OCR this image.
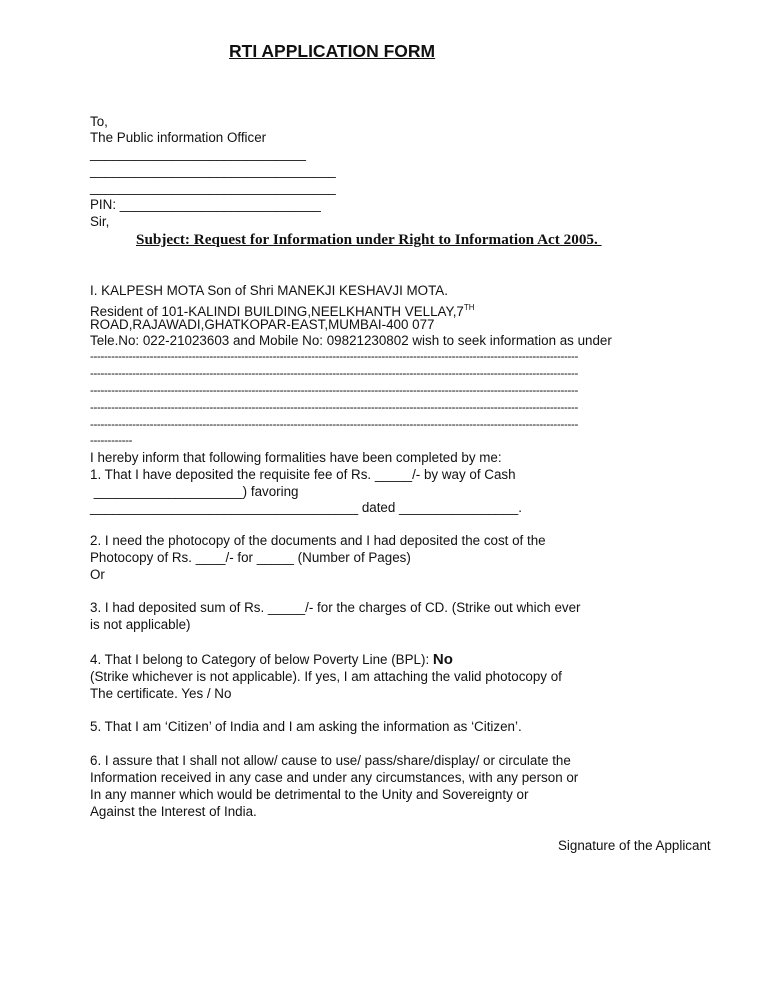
RTI APPLICATION FORM
To,
The Public information Officer
_____________________________
_________________________________
_________________________________
PIN: ___________________________
Sir,
Subject: Request for Information under Right to Information Act 2005.
I. KALPESH MOTA Son of Shri MANEKJI KESHAVJI MOTA.
Resident of 101-KALINDI BUILDING,NEELKHANTH VELLAY,7TH
ROAD,RAJAWADI,GHATKOPAR-EAST,MUMBAI-400 077
Tele.No: 022-21023603 and Mobile No: 09821230802 wish to seek information as under
-------------------------------------------------------------------------------------------------------------------------------------------
-------------------------------------------------------------------------------------------------------------------------------------------
-------------------------------------------------------------------------------------------------------------------------------------------
-------------------------------------------------------------------------------------------------------------------------------------------
-------------------------------------------------------------------------------------------------------------------------------------------
------------
I hereby inform that following formalities have been completed by me:
1. That I have deposited the requisite fee of Rs. _____/- by way of Cash
____________________) favoring
____________________________________ dated ________________.
2. I need the photocopy of the documents and I had deposited the cost of the
Photocopy of Rs. ____/- for _____ (Number of Pages)
Or
3. I had deposited sum of Rs. _____/- for the charges of CD. (Strike out which ever
is not applicable)
4. That I belong to Category of below Poverty Line (BPL): No
(Strike whichever is not applicable). If yes, I am attaching the valid photocopy of
The certificate. Yes / No
5. That I am ‘Citizen’ of India and I am asking the information as ‘Citizen’.
6. I assure that I shall not allow/ cause to use/ pass/share/display/ or circulate the
Information received in any case and under any circumstances, with any person or
In any manner which would be detrimental to the Unity and Sovereignty or
Against the Interest of India.
Signature of the Applicant
